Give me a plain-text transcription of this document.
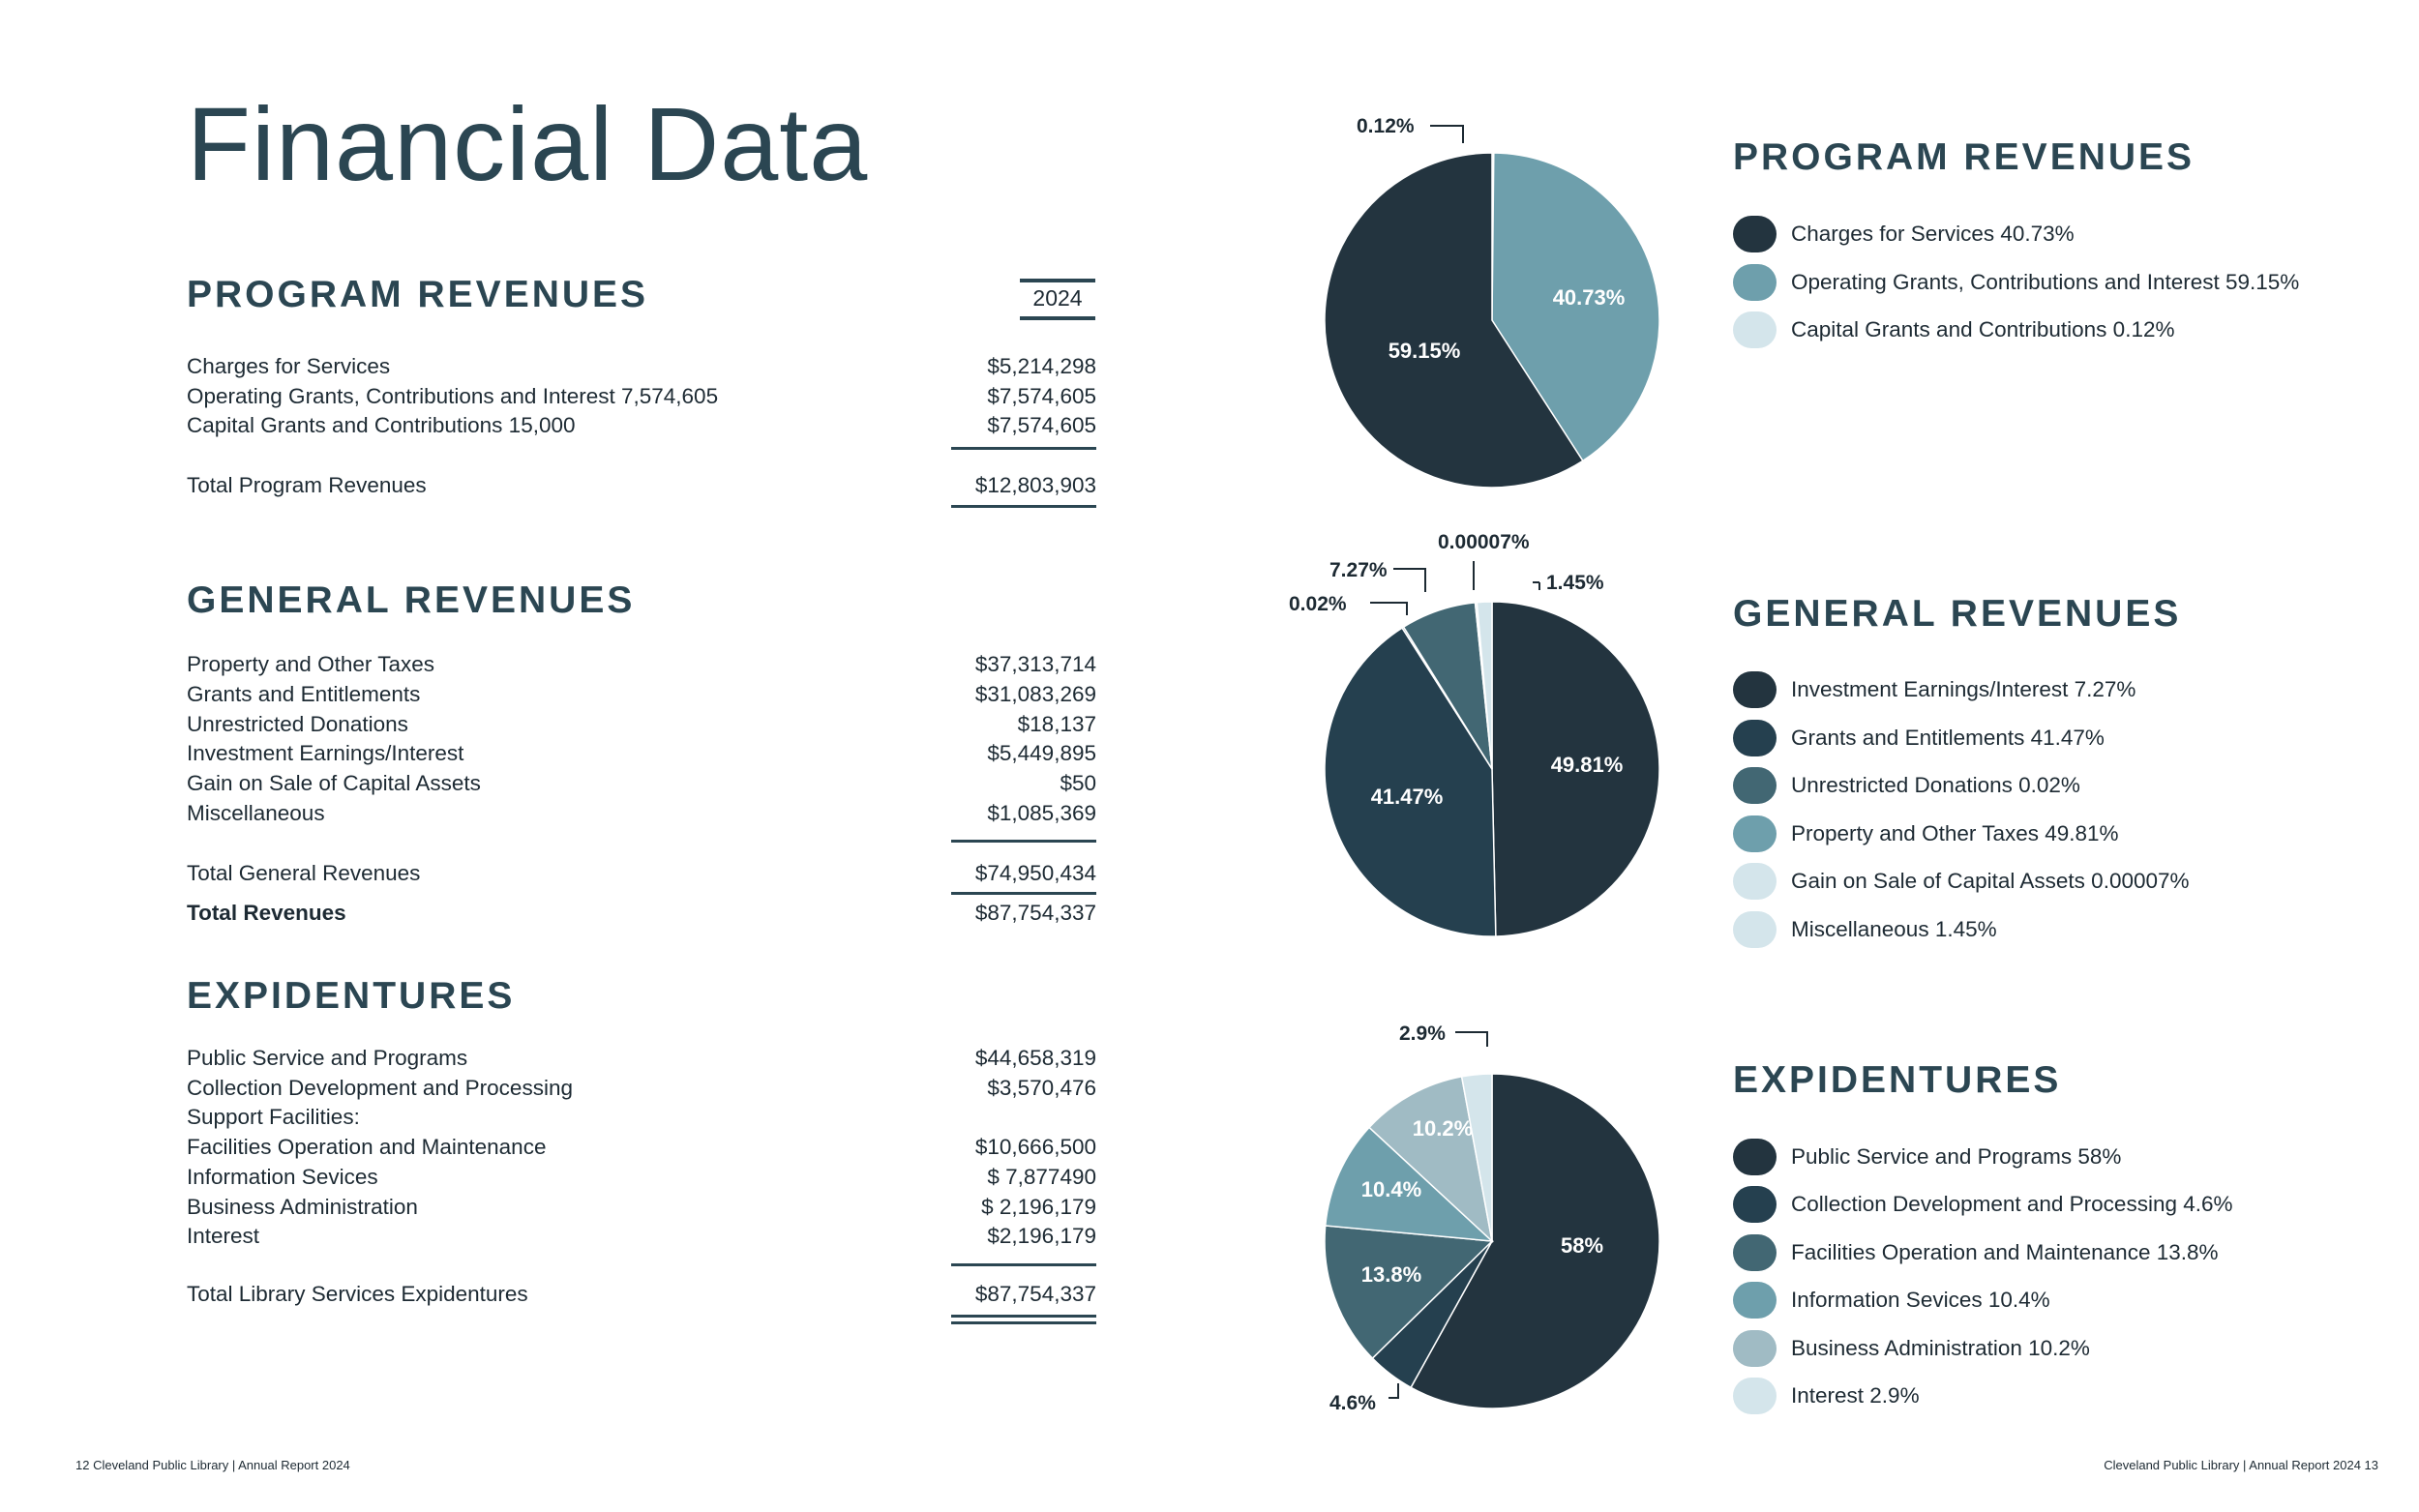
Financial Data
PROGRAM REVENUES	2024
Charges for Services	$5,214,298
Operating Grants, Contributions and Interest 7,574,605	$7,574,605
Capital Grants and Contributions 15,000	$7,574,605
Total Program Revenues	$12,803,903
GENERAL REVENUES
Property and Other Taxes	$37,313,714
Grants and Entitlements	$31,083,269
Unrestricted Donations	$18,137
Investment Earnings/Interest	$5,449,895
Gain on Sale of Capital Assets	$50
Miscellaneous	$1,085,369
Total General Revenues	$74,950,434
Total Revenues	$87,754,337
EXPIDENTURES
Public Service and Programs	$44,658,319
Collection Development and Processing	$3,570,476
Support Facilities:
Facilities Operation and Maintenance	$10,666,500
Information Sevices	$ 7,877490
Business Administration	$ 2,196,179
Interest	$2,196,179
Total Library Services Expidentures	$87,754,337
12 Cleveland Public Library | Annual Report 2024
40.73%
59.15%
0.12%
49.81%
41.47%
0.02%
7.27%
0.00007%
1.45%
58%
13.8%
10.4%
10.2%
4.6%
2.9%
PROGRAM REVENUES
Charges for Services 40.73%
Operating Grants, Contributions and Interest 59.15%
Capital Grants and Contributions 0.12%
GENERAL REVENUES
Investment Earnings/Interest 7.27%
Grants and Entitlements 41.47%
Unrestricted Donations 0.02%
Property and Other Taxes 49.81%
Gain on Sale of Capital Assets 0.00007%
Miscellaneous 1.45%
EXPIDENTURES
Public Service and Programs 58%
Collection Development and Processing 4.6%
Facilities Operation and Maintenance 13.8%
Information Sevices 10.4%
Business Administration 10.2%
Interest 2.9%
Cleveland Public Library | Annual Report 2024 13
